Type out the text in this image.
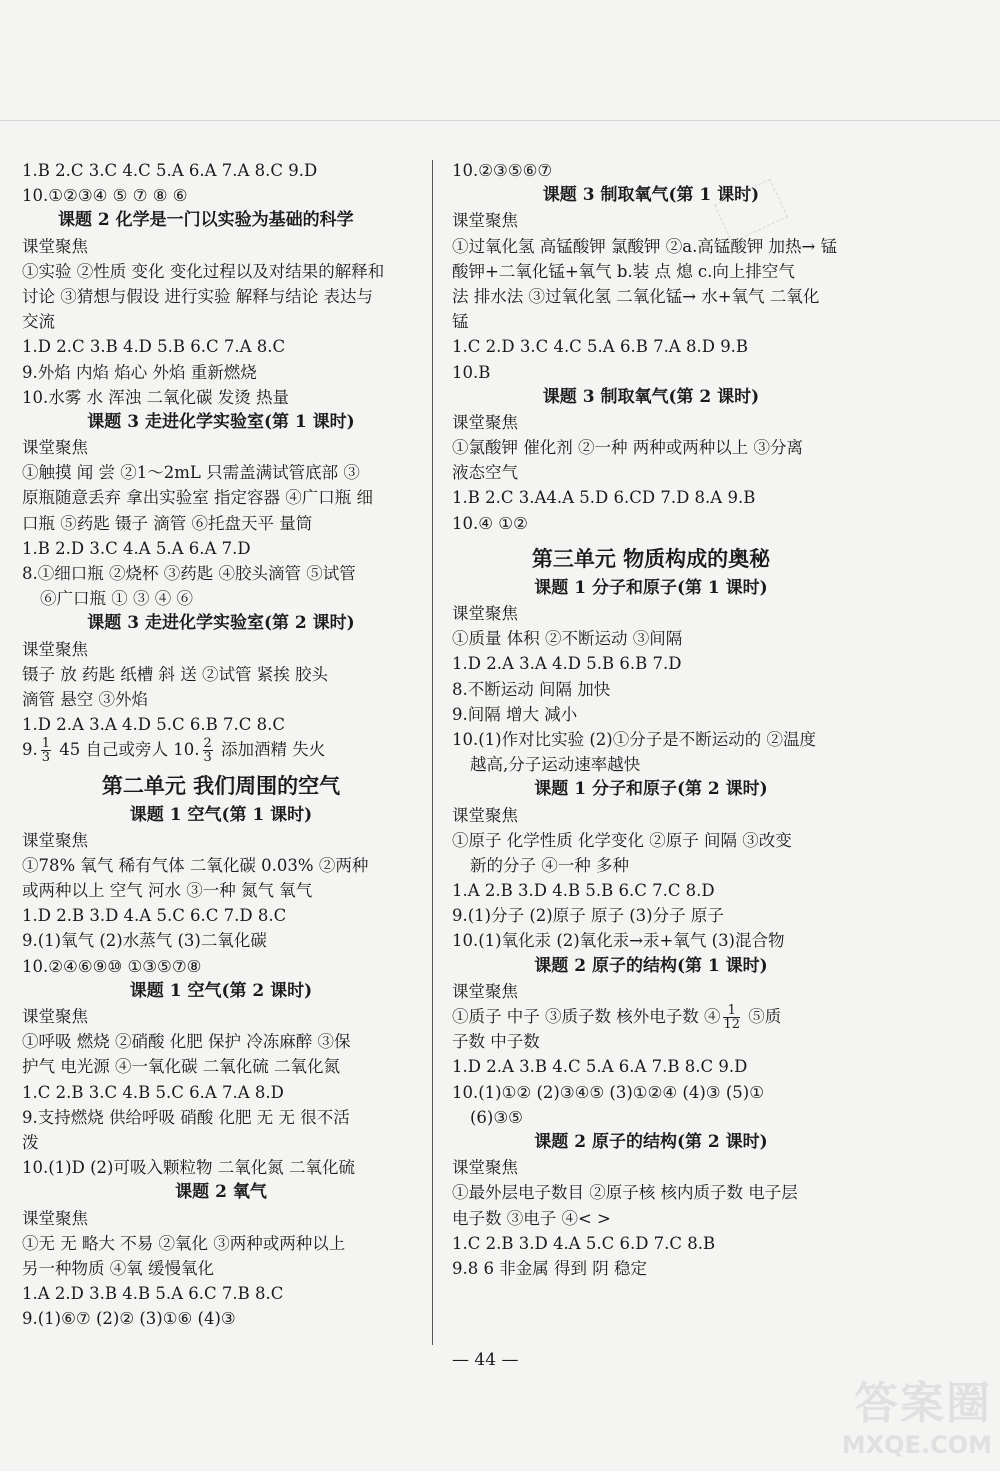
1.B 2.C 3.C 4.C 5.A 6.A 7.A 8.C 9.D
10.①②③④ ⑤ ⑦ ⑧ ⑥
课题 2 化学是一门以实验为基础的科学
课堂聚焦
①实验 ②性质 变化 变化过程以及对结果的解释和
讨论 ③猜想与假设 进行实验 解释与结论 表达与
交流
1.D 2.C 3.B 4.D 5.B 6.C 7.A 8.C
9.外焰 内焰 焰心 外焰 重新燃烧
10.水雾 水 浑浊 二氧化碳 发烫 热量
课题 3 走进化学实验室(第 1 课时)
课堂聚焦
①触摸 闻 尝 ②1～2mL 只需盖满试管底部 ③
原瓶随意丢弃 拿出实验室 指定容器 ④广口瓶 细
口瓶 ⑤药匙 镊子 滴管 ⑥托盘天平 量筒
1.B 2.D 3.C 4.A 5.A 6.A 7.D
8.①细口瓶 ②烧杯 ③药匙 ④胶头滴管 ⑤试管
⑥广口瓶 ① ③ ④ ⑥
课题 3 走进化学实验室(第 2 课时)
课堂聚焦
镊子 放 药匙 纸槽 斜 送 ②试管 紧挨 胶头
滴管 悬空 ③外焰
1.D 2.A 3.A 4.D 5.C 6.B 7.C 8.C
9. $\frac{1}{3} 45$ 自己或旁人 10. $\frac{2}{3}$ 添加酒精 失火
第二单元 我们周围的空气
课题 1 空气(第 1 课时)
课堂聚焦
①78% 氧气 稀有气体 二氧化碳 0.03% ②两种
或两种以上 空气 河水 ③一种 氮气 氧气
1.D 2.B 3.D 4.A 5.C 6.C 7.D 8.C
9.(1)氧气 (2)水蒸气 (3)二氧化碳
10.②④⑥⑨⑩ ①③⑤⑦⑧
课题 1 空气(第 2 课时)
课堂聚焦
①呼吸 燃烧 ②硝酸 化肥 保护 冷冻麻醉 ③保
护气 电光源 ④一氧化碳 二氧化硫 二氧化氮
1.C 2.B 3.C 4.B 5.C 6.A 7.A 8.D
9.支持燃烧 供给呼吸 硝酸 化肥 无 无 很不活
泼
10.(1)D (2)可吸入颗粒物 二氧化氮 二氧化硫
课题 2 氧气
课堂聚焦
①无 无 略大 不易 ②氧化 ③两种或两种以上
另一种物质 ④氧 缓慢氧化
1.A 2.D 3.B 4.B 5.A 6.C 7.B 8.C
9.(1)⑥⑦ (2)② (3)①⑥ (4)③
10.②③⑤⑥⑦
课题 3 制取氧气(第 1 课时)
课堂聚焦
①过氧化氢 高锰酸钾 氯酸钾 ②a.高锰酸钾 加热→ 锰
酸钾+二氧化锰+氧气 b.装 点 熄 c.向上排空气
法 排水法 ③过氧化氢 二氧化锰→ 水+氧气 二氧化
锰
1.C 2.D 3.C 4.C 5.A 6.B 7.A 8.D 9.B
10.B
课题 3 制取氧气(第 2 课时)
课堂聚焦
①氯酸钾 催化剂 ②一种 两种或两种以上 ③分离
液态空气
1.B 2.C 3.A4.A 5.D 6.CD 7.D 8.A 9.B
10.④ ①②
第三单元 物质构成的奥秘
课题 1 分子和原子(第 1 课时)
课堂聚焦
①质量 体积 ②不断运动 ③间隔
1.D 2.A 3.A 4.D 5.B 6.B 7.D
8.不断运动 间隔 加快
9.间隔 增大 减小
10.(1)作对比实验 (2)①分子是不断运动的 ②温度
越高,分子运动速率越快
课题 1 分子和原子(第 2 课时)
课堂聚焦
①原子 化学性质 化学变化 ②原子 间隔 ③改变
新的分子 ④一种 多种
1.A 2.B 3.D 4.B 5.B 6.C 7.C 8.D
9.(1)分子 (2)原子 原子 (3)分子 原子
10.(1)氧化汞 (2)氧化汞→汞+氧气 (3)混合物
课题 2 原子的结构(第 1 课时)
课堂聚焦
①质子 中子 ③质子数 核外电子数 ④ $\frac{1}{12}$ ⑤质
子数 中子数
1.D 2.A 3.B 4.C 5.A 6.A 7.B 8.C 9.D
10.(1)①② (2)③④⑤ (3)①②④ (4)③ (5)①
(6)③⑤
课题 2 原子的结构(第 2 课时)
课堂聚焦
①最外层电子数目 ②原子核 核内质子数 电子层
电子数 ③电子 ④< >
1.C 2.B 3.D 4.A 5.C 6.D 7.C 8.B
9.8 6 非金属 得到 阴 稳定
— 44 —
答案圈
MXQE.COM
